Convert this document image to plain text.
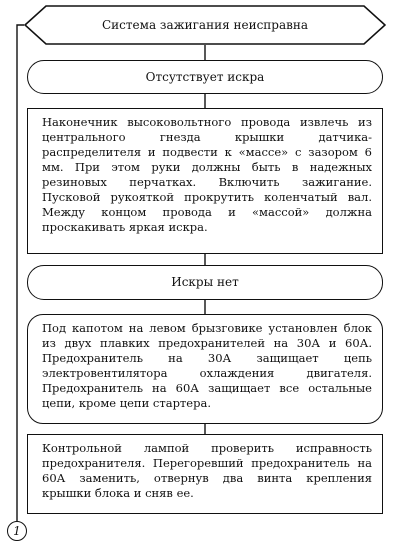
Система зажигания неисправна
Отсутствует искра
Наконечник высоковольтного провода извлечь из центрального гнезда крышки датчика-распределителя и подвести к «массе» с зазором 6 мм. При этом руки должны быть в надежных резиновых перчатках. Включить зажигание. Пусковой рукояткой прокрутить коленчатый вал. Между концом провода и «массой» должна проскакивать яркая искра.
Искры нет
Под капотом на левом брызговике установлен блок из двух плавких предохранителей на 30А и 60А. Предохранитель на 30А защищает цепь электровентилятора охлаждения двигателя. Предохранитель на 60А защищает все остальные цепи, кроме цепи стартера.
Контрольной лампой проверить исправность предохранителя. Перегоревший предохранитель на 60А заменить, отвернув два винта крепления крышки блока и сняв ее.
1
